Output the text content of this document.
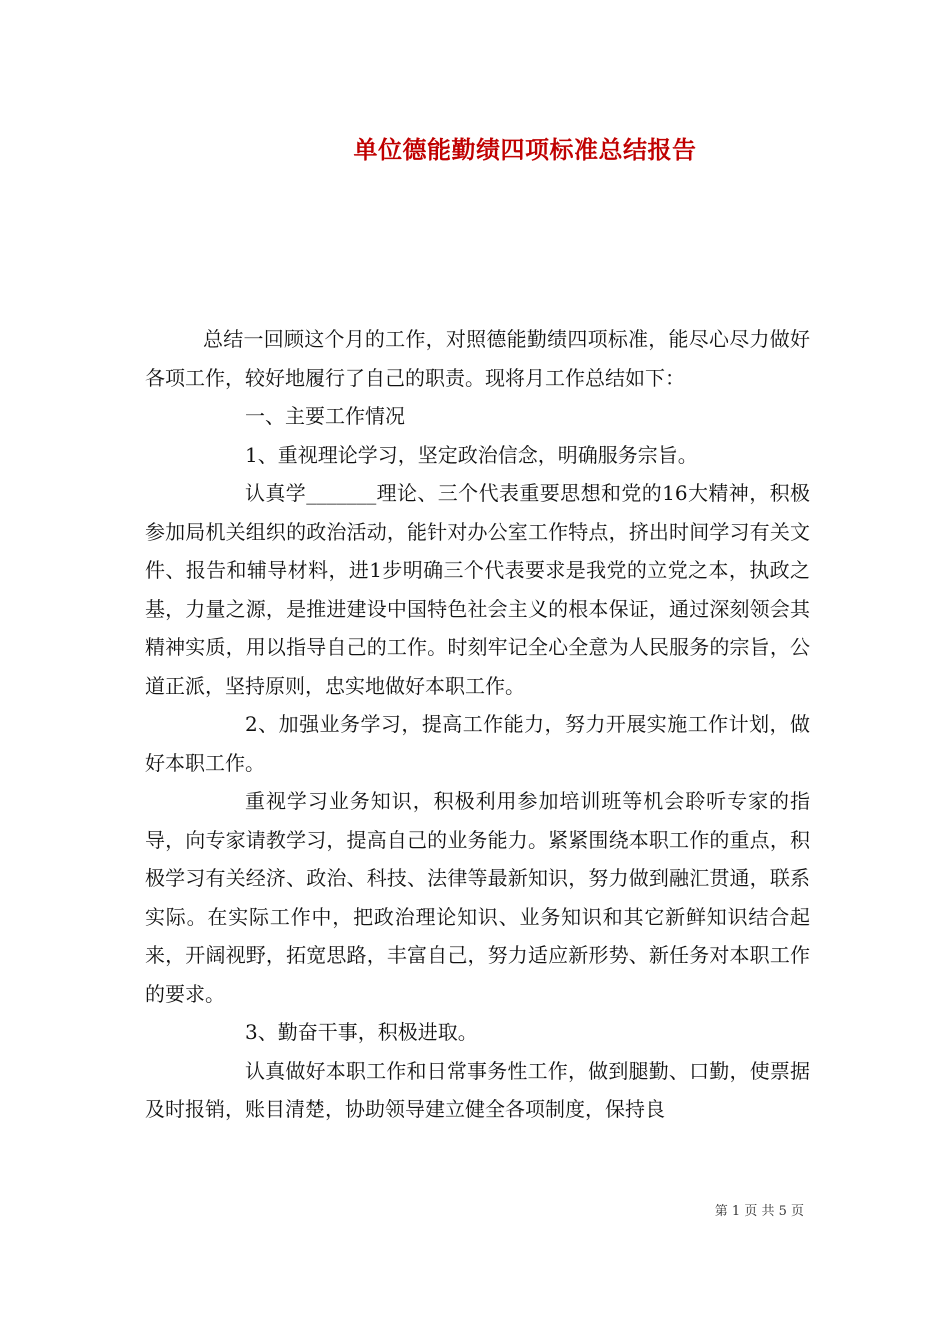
单位德能勤绩四项标准总结报告

总结一回顾这个月的工作，对照德能勤绩四项标准，能尽心尽力做好各项工作，较好地履行了自己的职责。现将月工作总结如下：

一、主要工作情况

1、重视理论学习，坚定政治信念，明确服务宗旨。

认真学_______理论、三个代表重要思想和党的16大精神，积极参加局机关组织的政治活动，能针对办公室工作特点，挤出时间学习有关文件、报告和辅导材料，进1步明确三个代表要求是我党的立党之本，执政之基，力量之源，是推进建设中国特色社会主义的根本保证，通过深刻领会其精神实质，用以指导自己的工作。时刻牢记全心全意为人民服务的宗旨，公道正派，坚持原则，忠实地做好本职工作。

2、加强业务学习，提高工作能力，努力开展实施工作计划，做好本职工作。

重视学习业务知识，积极利用参加培训班等机会聆听专家的指导，向专家请教学习，提高自己的业务能力。紧紧围绕本职工作的重点，积极学习有关经济、政治、科技、法律等最新知识，努力做到融汇贯通，联系实际。在实际工作中，把政治理论知识、业务知识和其它新鲜知识结合起来，开阔视野，拓宽思路，丰富自己，努力适应新形势、新任务对本职工作的要求。

3、勤奋干事，积极进取。

认真做好本职工作和日常事务性工作，做到腿勤、口勤，使票据及时报销，账目清楚，协助领导建立健全各项制度，保持良

第 1 页 共 5 页
